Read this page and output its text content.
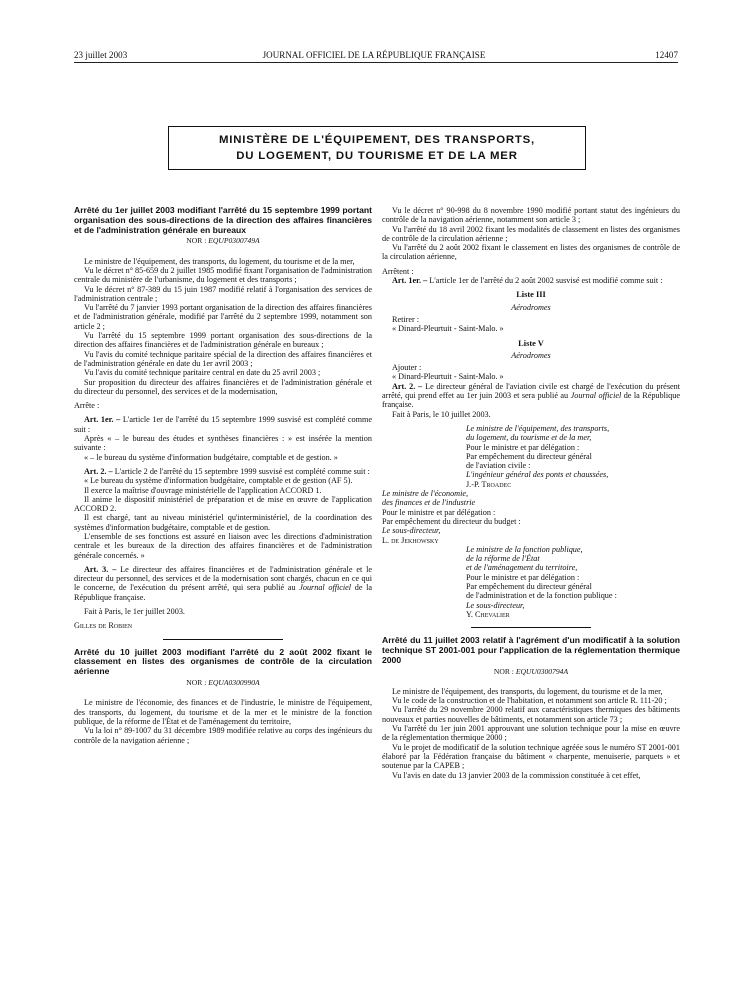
23 juillet 2003	JOURNAL OFFICIEL DE LA RÉPUBLIQUE FRANÇAISE	12407
MINISTÈRE DE L'ÉQUIPEMENT, DES TRANSPORTS,
DU LOGEMENT, DU TOURISME ET DE LA MER

Arrêté du 1er juillet 2003 modifiant l'arrêté du 15 septembre 1999 portant organisation des sous-directions de la direction des affaires financières et de l'administration générale en bureaux

NOR : EQUP0300749A

Le ministre de l'équipement, des transports, du logement, du tourisme et de la mer,

Vu le décret n° 85-659 du 2 juillet 1985 modifié fixant l'organisation de l'administration centrale du ministère de l'urbanisme, du logement et des transports ;

Vu le décret n° 87-389 du 15 juin 1987 modifié relatif à l'organisation des services de l'administration centrale ;

Vu l'arrêté du 7 janvier 1993 portant organisation de la direction des affaires financières et de l'administration générale, modifié par l'arrêté du 2 septembre 1999, notamment son article 2 ;

Vu l'arrêté du 15 septembre 1999 portant organisation des sous-directions de la direction des affaires financières et de l'administration générale en bureaux ;

Vu l'avis du comité technique paritaire spécial de la direction des affaires financières et de l'administration générale en date du 1er avril 2003 ;

Vu l'avis du comité technique paritaire central en date du 25 avril 2003 ;

Sur proposition du directeur des affaires financières et de l'administration générale et du directeur du personnel, des services et de la modernisation,

Arrête :

Art. 1er. – L'article 1er de l'arrêté du 15 septembre 1999 susvisé est complété comme suit :

Après « – le bureau des études et synthèses financières : » est insérée la mention suivante :

« – le bureau du système d'information budgétaire, comptable et de gestion. »

Art. 2. – L'article 2 de l'arrêté du 15 septembre 1999 susvisé est complété comme suit :

« Le bureau du système d'information budgétaire, comptable et de gestion (AF 5).

Il exerce la maîtrise d'ouvrage ministérielle de l'application ACCORD 1.

Il anime le dispositif ministériel de préparation et de mise en œuvre de l'application ACCORD 2.

Il est chargé, tant au niveau ministériel qu'interministériel, de la coordination des systèmes d'information budgétaire, comptable et de gestion.

L'ensemble de ses fonctions est assuré en liaison avec les directions d'administration centrale et les bureaux de la direction des affaires financières et de l'administration générale concernés. »

Art. 3. – Le directeur des affaires financières et de l'administration générale et le directeur du personnel, des services et de la modernisation sont chargés, chacun en ce qui le concerne, de l'exécution du présent arrêté, qui sera publié au Journal officiel de la République française.

Fait à Paris, le 1er juillet 2003.

Gilles de Robien

Arrêté du 10 juillet 2003 modifiant l'arrêté du 2 août 2002 fixant le classement en listes des organismes de contrôle de la circulation aérienne

NOR : EQUA0300990A

Le ministre de l'économie, des finances et de l'industrie, le ministre de l'équipement, des transports, du logement, du tourisme et de la mer et le ministre de la fonction publique, de la réforme de l'État et de l'aménagement du territoire,

Vu la loi n° 89-1007 du 31 décembre 1989 modifiée relative au corps des ingénieurs du contrôle de la navigation aérienne ;

Vu le décret n° 90-998 du 8 novembre 1990 modifié portant statut des ingénieurs du contrôle de la navigation aérienne, notamment son article 3 ;

Vu l'arrêté du 18 avril 2002 fixant les modalités de classement en listes des organismes de contrôle de la circulation aérienne ;

Vu l'arrêté du 2 août 2002 fixant le classement en listes des organismes de contrôle de la circulation aérienne,

Arrêtent :

Art. 1er. – L'article 1er de l'arrêté du 2 août 2002 susvisé est modifié comme suit :

Liste III
Aérodromes

Retirer :

« Dinard-Pleurtuit - Saint-Malo. »

Liste V
Aérodromes

Ajouter :

« Dinard-Pleurtuit - Saint-Malo. »

Art. 2. – Le directeur général de l'aviation civile est chargé de l'exécution du présent arrêté, qui prend effet au 1er juin 2003 et sera publié au Journal officiel de la République française.

Fait à Paris, le 10 juillet 2003.

Le ministre de l'équipement, des transports,

du logement, du tourisme et de la mer,

Pour le ministre et par délégation :

Par empêchement du directeur général

de l'aviation civile :

L'ingénieur général des ponts et chaussées,

J.-P. Troadec

Le ministre de l'économie,

des finances et de l'industrie

Pour le ministre et par délégation :

Par empêchement du directeur du budget :

Le sous-directeur,

L. de Jekhowsky

Le ministre de la fonction publique,

de la réforme de l'État

et de l'aménagement du territoire,

Pour le ministre et par délégation :

Par empêchement du directeur général

de l'administration et de la fonction publique :

Le sous-directeur,

Y. Chevalier

Arrêté du 11 juillet 2003 relatif à l'agrément d'un modificatif à la solution technique ST 2001-001 pour l'application de la réglementation thermique 2000

NOR : EQUU0300794A

Le ministre de l'équipement, des transports, du logement, du tourisme et de la mer,

Vu le code de la construction et de l'habitation, et notamment son article R. 111-20 ;

Vu l'arrêté du 29 novembre 2000 relatif aux caractéristiques thermiques des bâtiments nouveaux et parties nouvelles de bâtiments, et notamment son article 73 ;

Vu l'arrêté du 1er juin 2001 approuvant une solution technique pour la mise en œuvre de la réglementation thermique 2000 ;

Vu le projet de modificatif de la solution technique agréée sous le numéro ST 2001-001 élaboré par la Fédération française du bâtiment « charpente, menuiserie, parquets » et soutenue par la CAPEB ;

Vu l'avis en date du 13 janvier 2003 de la commission constituée à cet effet,
